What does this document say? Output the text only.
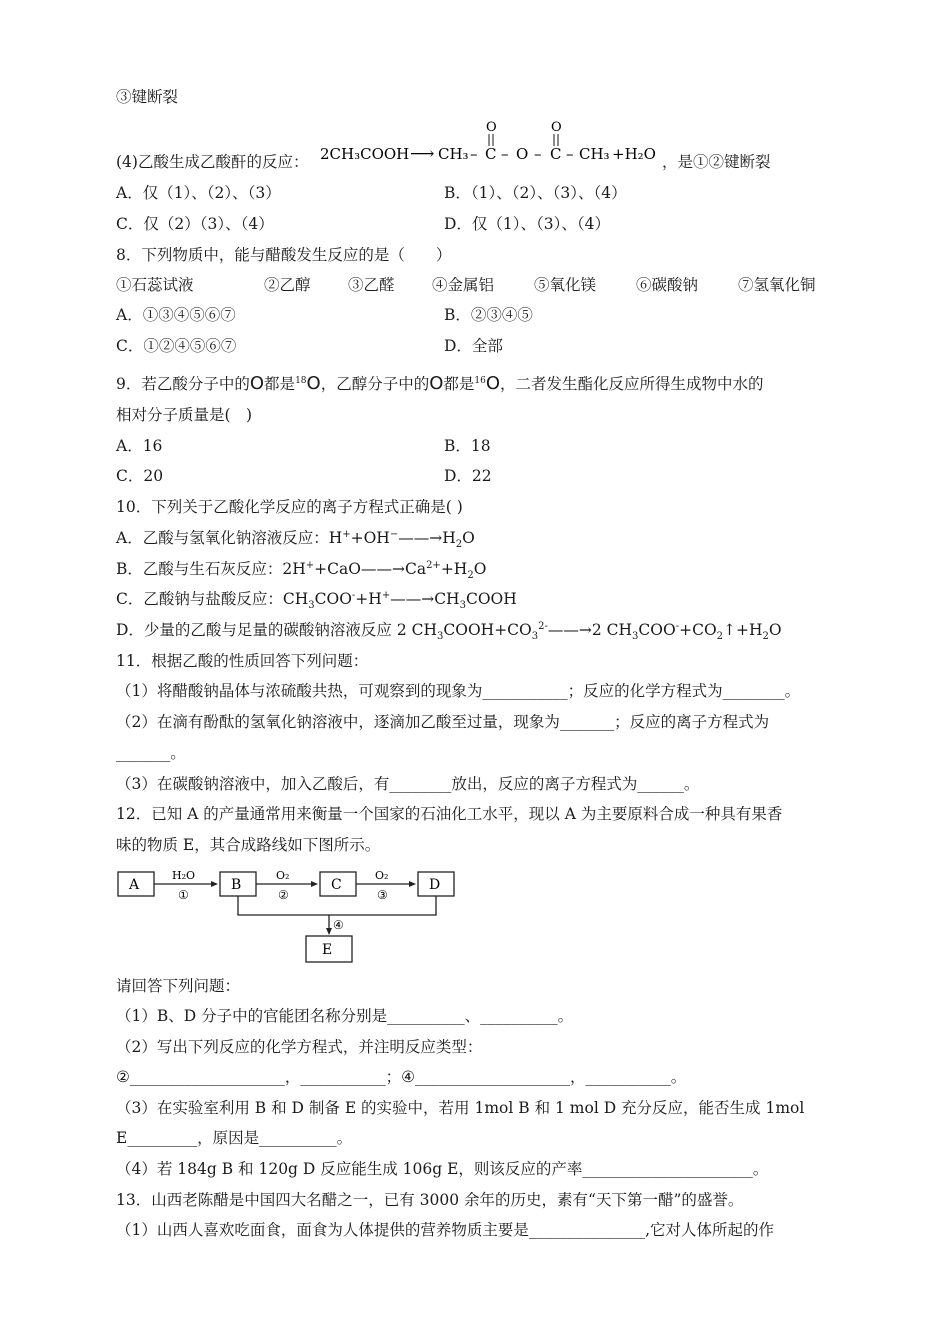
③键断裂
(4)乙酸生成乙酸酐的反应： 2CH₃COOH ⟶ CH₃ – C – O – C – CH₃ +H₂O
O	O
，是①②键断裂
A．仅（1）、（2）、（3）	B．（1）、（2）、（3）、（4）
C．仅（2）（3）、（4）	D．仅（1）、（3）、（4）
8．下列物质中，能与醋酸发生反应的是（　　）
①石蕊试液	②乙醇 ③乙醛 ④金属铝	⑤氧化镁	⑥碳酸钠	⑦氢氧化铜
A．①③④⑤⑥⑦	B．②③④⑤
C．①②④⑤⑥⑦	D．全部
9．若乙酸分子中的O都是$^{18}$O，乙醇分子中的O都是$^{16}$O，二者发生酯化反应所得生成物中水的
相对分子质量是(　)
A．16	B．18
C．20	D．22
10．下列关于乙酸化学反应的离子方程式正确是( )
A．乙酸与氢氧化钠溶液反应：$H^++OH^-——\to H_2O$
B．乙酸与生石灰反应：$2H^++CaO——\to Ca^{2+}+H_2O$
C．乙酸钠与盐酸反应：$CH_3COO^-+H^+——\to CH_3COOH$
D．少量的乙酸与足量的碳酸钠溶液反应 2 $CH_3COOH+CO_3^{2-}——\to 2$ $CH_3COO^-+CO_2↑+H_2O$
11．根据乙酸的性质回答下列问题：
（1）将醋酸钠晶体与浓硫酸共热，可观察到的现象为___________；反应的化学方程式为________。
（2）在滴有酚酞的氢氧化钠溶液中，逐滴加乙酸至过量，现象为_______；反应的离子方程式为
_______。
（3）在碳酸钠溶液中，加入乙酸后，有________放出，反应的离子方程式为______。
12．已知 A 的产量通常用来衡量一个国家的石油化工水平，现以 A 为主要原料合成一种具有果香
味的物质 E，其合成路线如下图所示。
A	B	C	D
E
H₂O
①
O₂
②
O₂
③
④
请回答下列问题：
（1）B、D 分子中的官能团名称分别是__________、__________。
（2）写出下列反应的化学方程式，并注明反应类型：
②____________________，___________；④____________________，___________。
（3）在实验室利用 B 和 D 制备 E 的实验中，若用 1mol B 和 1 mol D 充分反应，能否生成 1mol
E_________，原因是__________。
（4）若 184g B 和 120g D 反应能生成 106g E，则该反应的产率______________________。
13．山西老陈醋是中国四大名醋之一，已有 3000 余年的历史，素有“天下第一醋”的盛誉。
（1）山西人喜欢吃面食，面食为人体提供的营养物质主要是_______________,它对人体所起的作
